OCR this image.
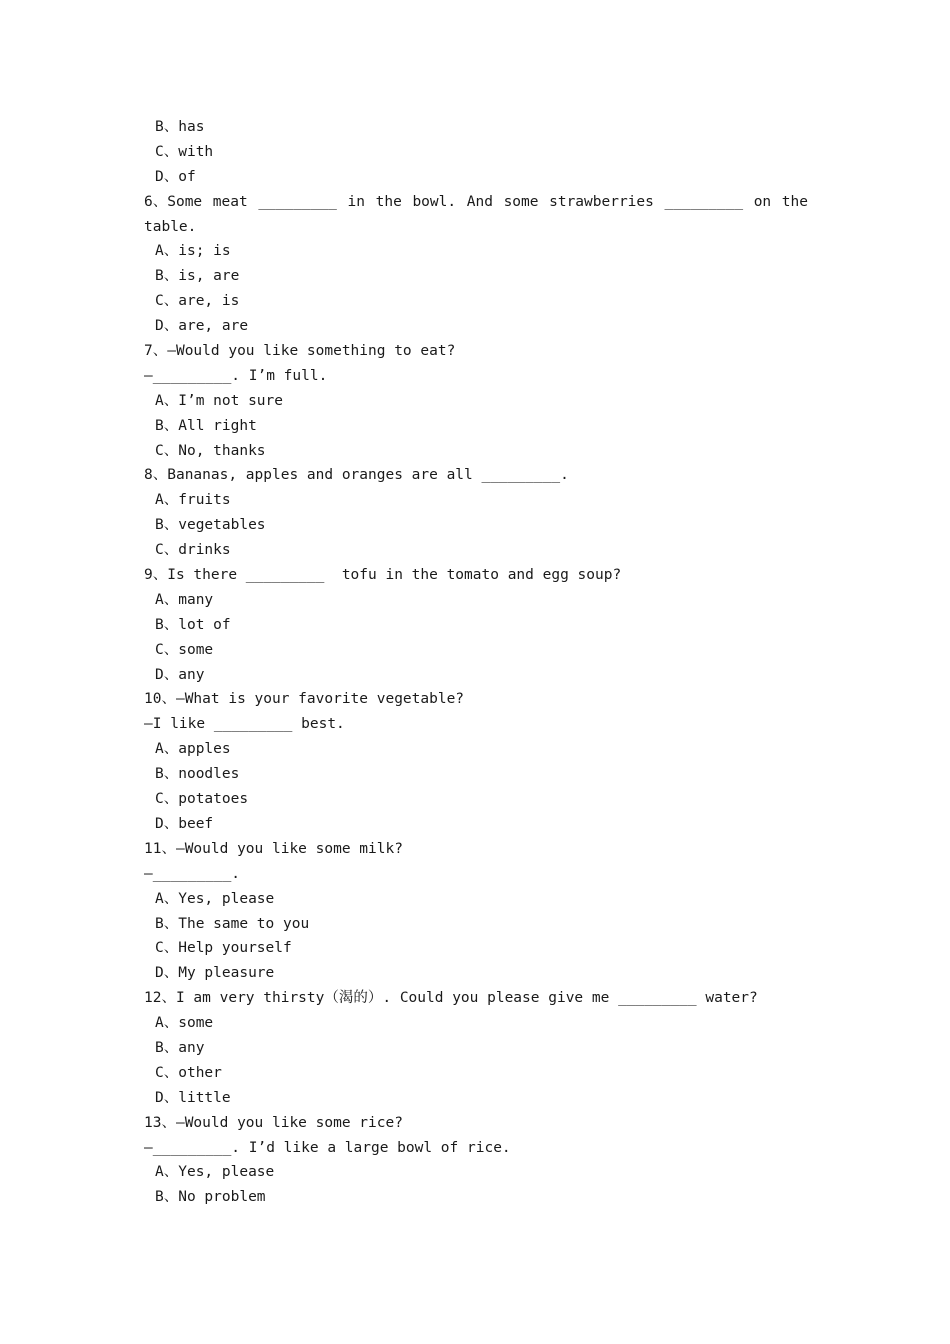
B、has
C、with
D、of
6、Some meat _________ in the bowl. And some strawberries _________ on the
table.
A、is; is
B、is, are
C、are, is
D、are, are
7、—Would you like something to eat?
—_________. I’m full.
A、I’m not sure
B、All right
C、No, thanks
8、Bananas, apples and oranges are all _________.
A、fruits
B、vegetables
C、drinks
9、Is there _________  tofu in the tomato and egg soup?
A、many
B、lot of
C、some
D、any
10、—What is your favorite vegetable?
—I like _________ best.
A、apples
B、noodles
C、potatoes
D、beef
11、—Would you like some milk?
—_________.
A、Yes, please
B、The same to you
C、Help yourself
D、My pleasure
12、I am very thirsty（渴的）. Could you please give me _________ water?
A、some
B、any
C、other
D、little
13、—Would you like some rice?
—_________. I’d like a large bowl of rice.
A、Yes, please
B、No problem
